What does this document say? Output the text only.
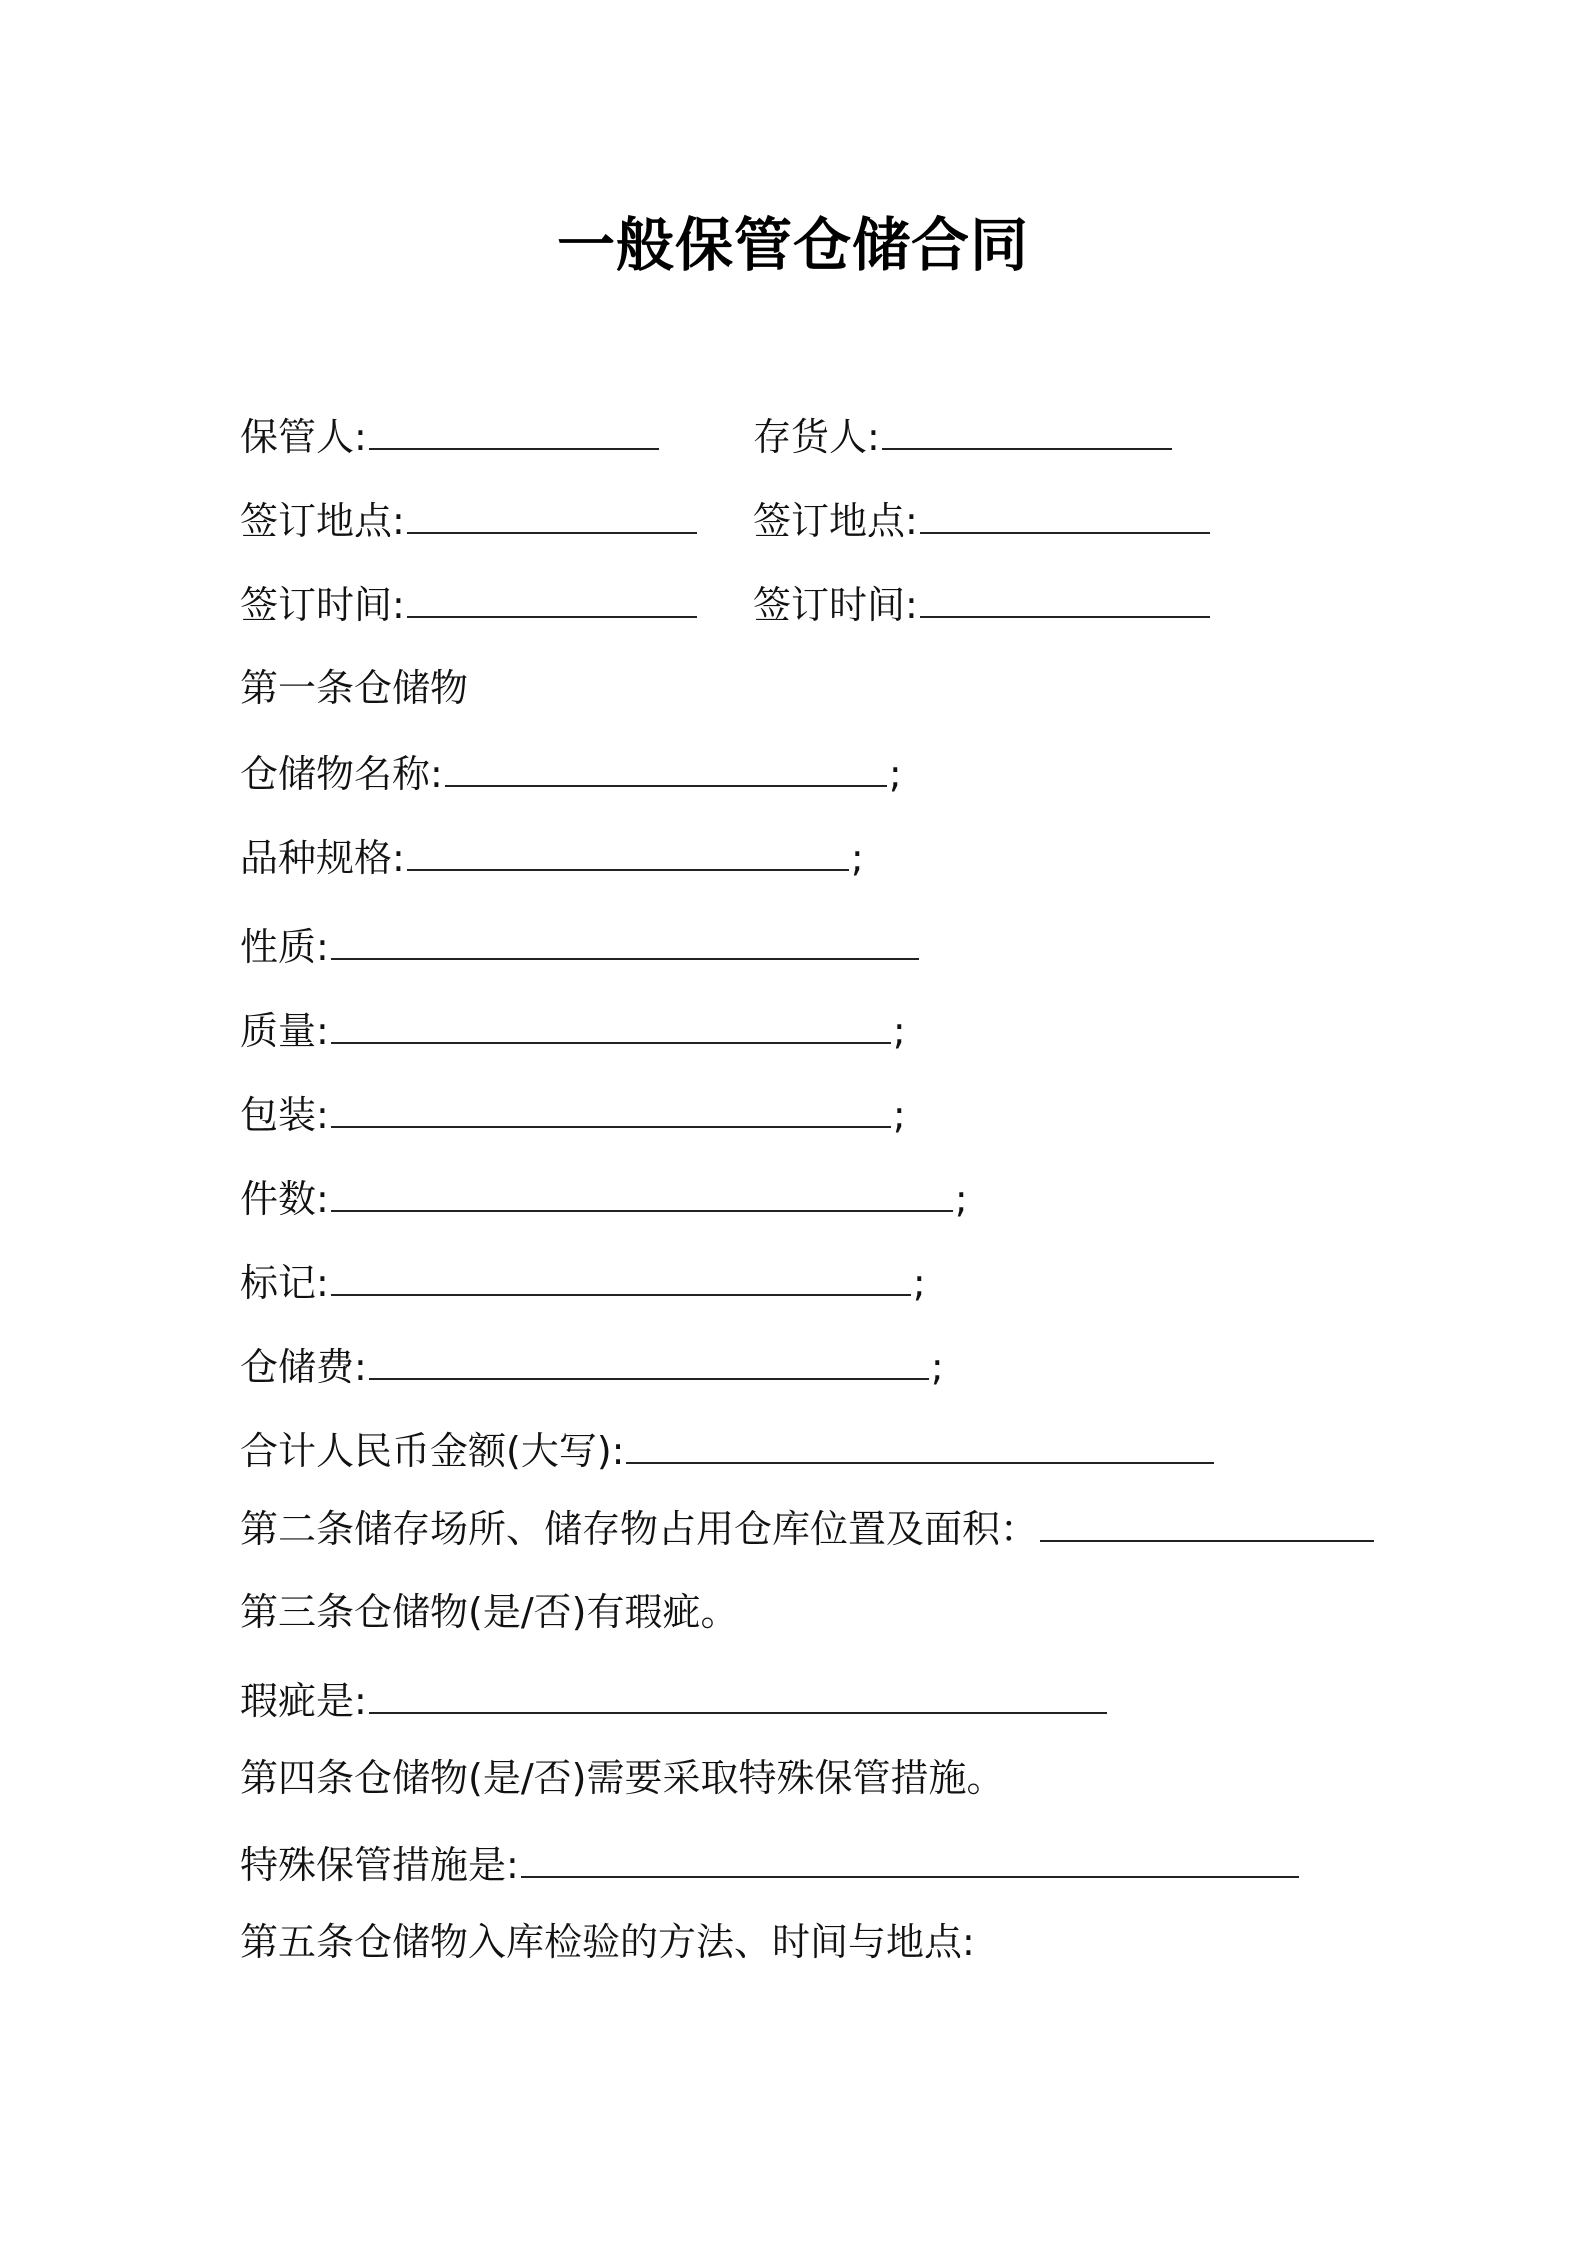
一般保管仓储合同
保管人:	存货人:
签订地点:	签订地点:
签订时间:	签订时间:
第一条仓储物
仓储物名称:	;
品种规格:	;
性质:
质量:	;
包装:	;
件数:	;
标记:	;
仓储费:	;
合计人民币金额(大写):
第二条储存场所、储存物占用仓库位置及面积：
第三条仓储物(是/否)有瑕疵。
瑕疵是:
第四条仓储物(是/否)需要采取特殊保管措施。
特殊保管措施是:
第五条仓储物入库检验的方法、时间与地点:
